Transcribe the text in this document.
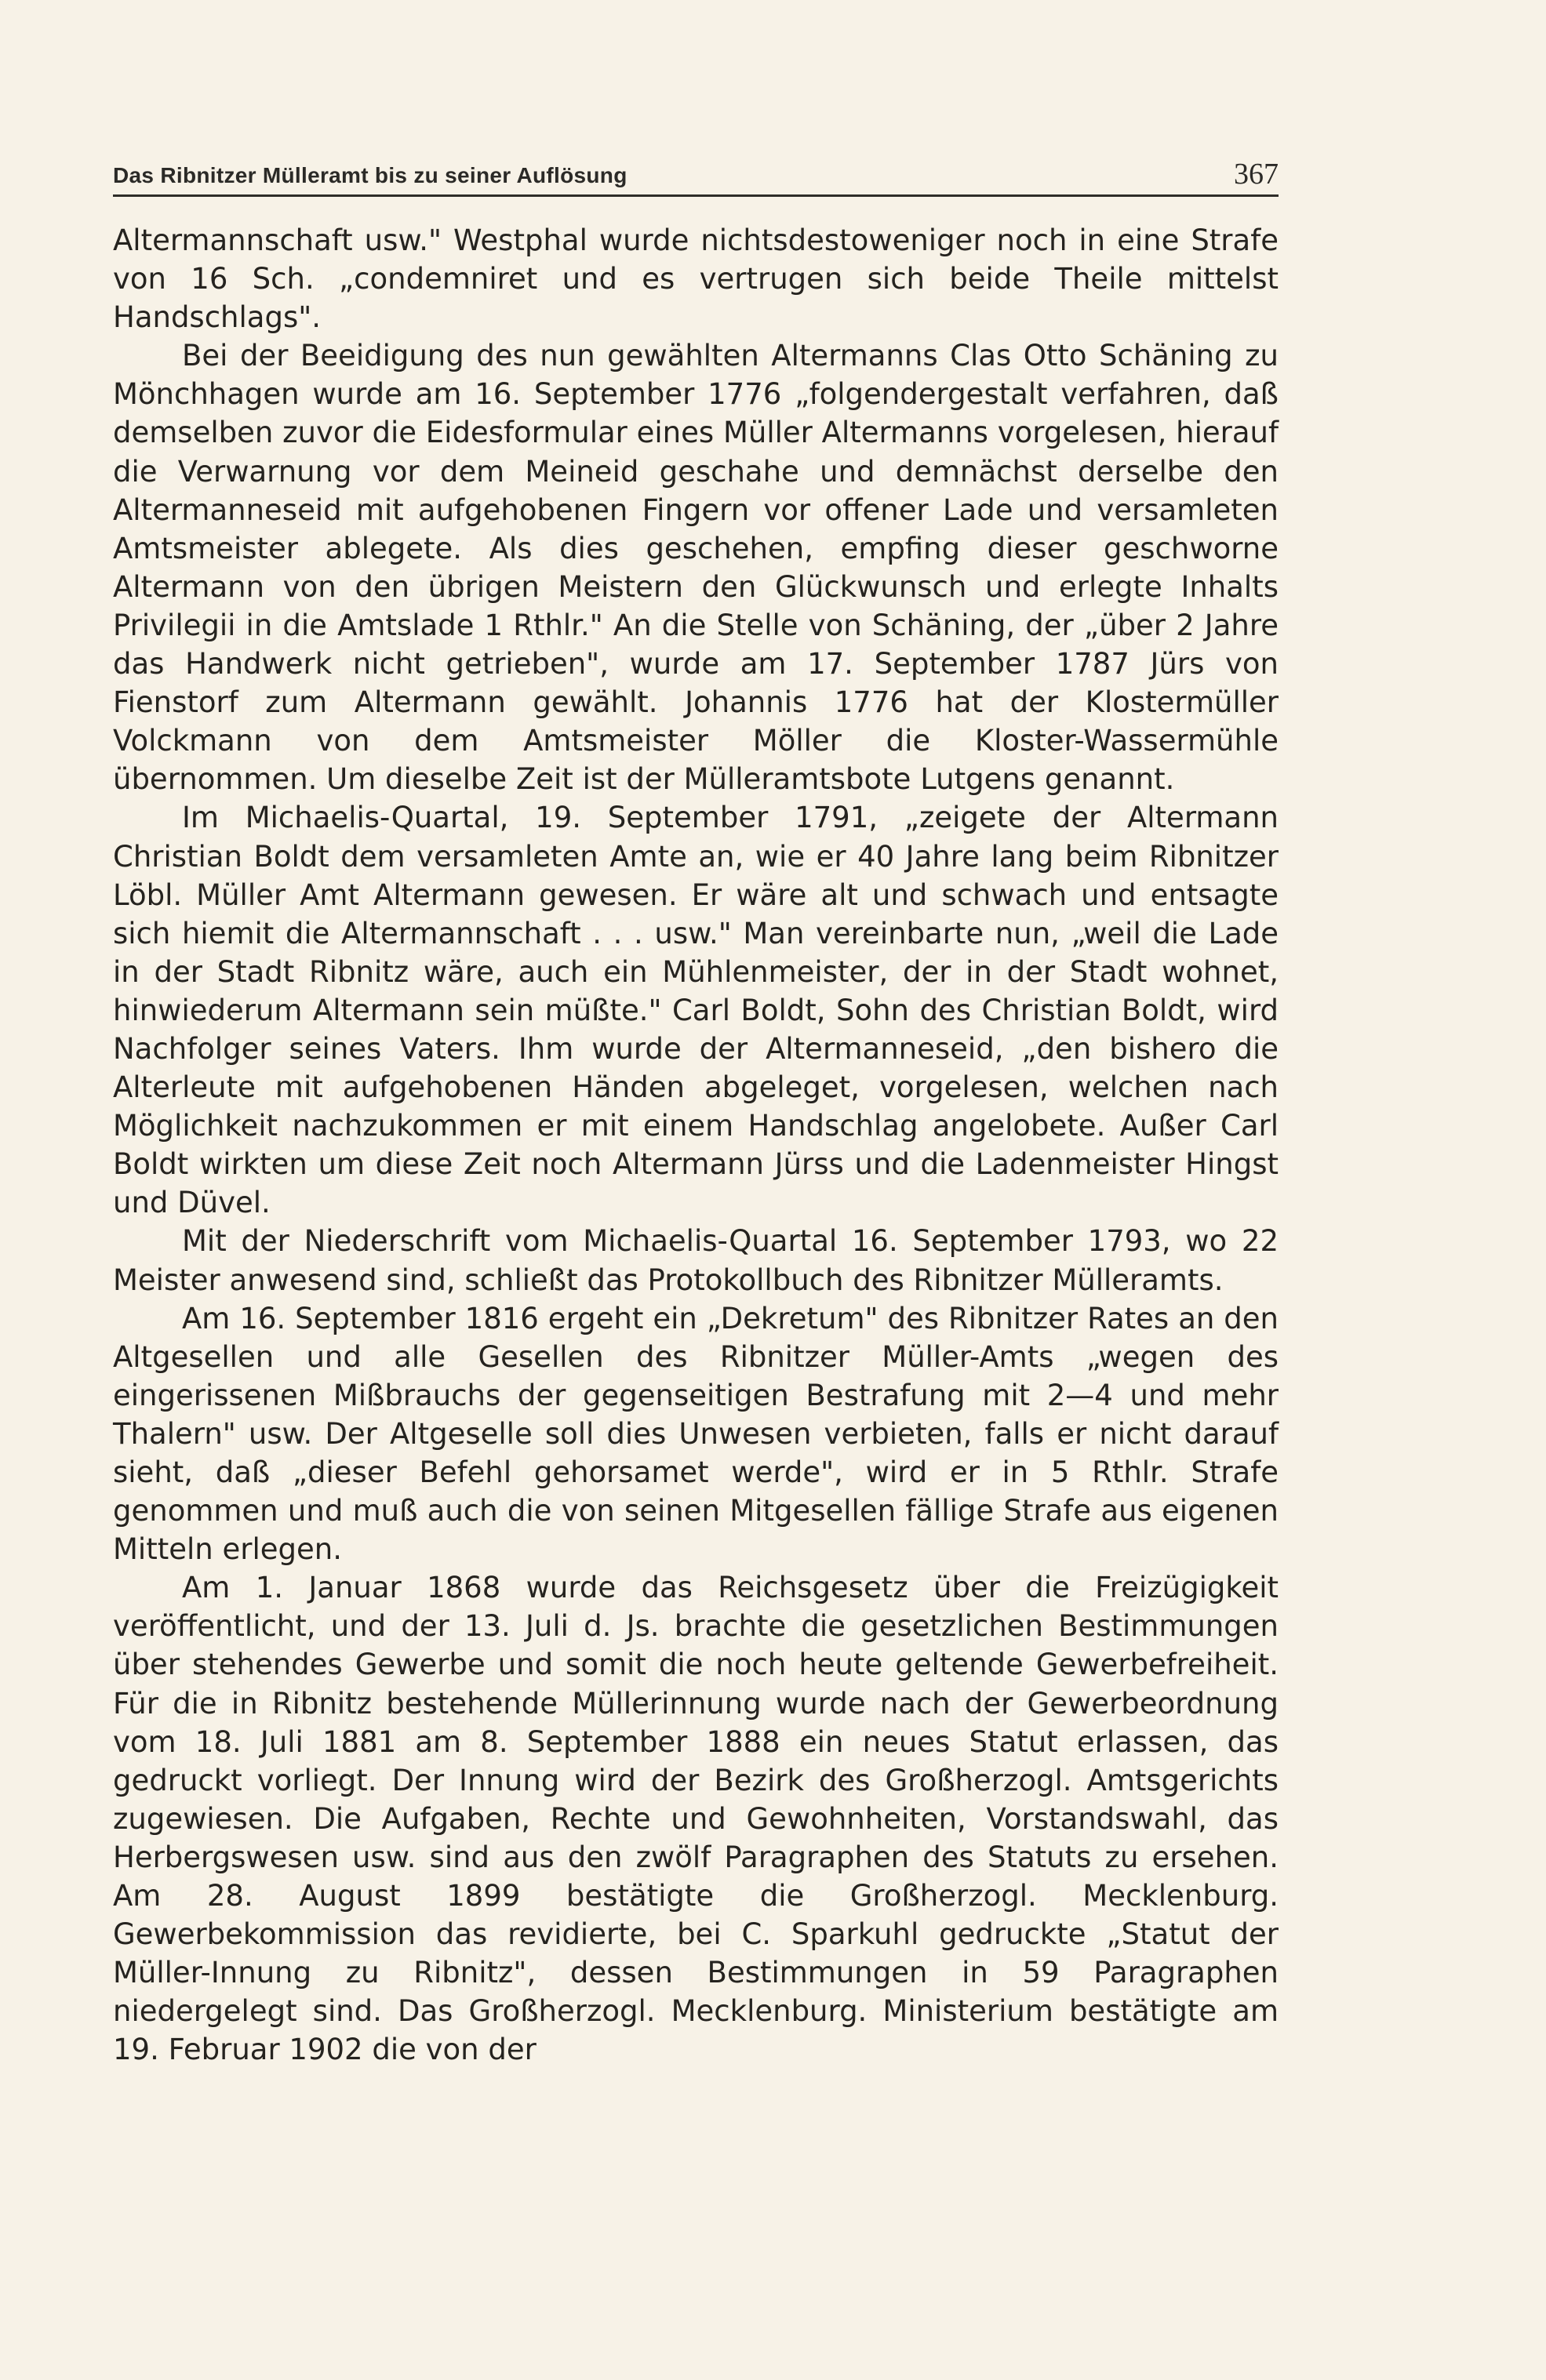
Das Ribnitzer Mülleramt bis zu seiner Auflösung	367

Altermannschaft usw." Westphal wurde nichtsdestoweniger noch in eine Strafe von 16 Sch. „condemniret und es vertrugen sich beide Theile mittelst Handschlags".

Bei der Beeidigung des nun gewählten Altermanns Clas Otto Schäning zu Mönchhagen wurde am 16. September 1776 „folgendergestalt verfahren, daß demselben zuvor die Eidesformular eines Müller Altermanns vorgelesen, hierauf die Verwarnung vor dem Meineid geschahe und demnächst derselbe den Altermanneseid mit aufgehobenen Fingern vor offener Lade und versamleten Amtsmeister ablegete. Als dies geschehen, empfing dieser geschworne Altermann von den übrigen Meistern den Glückwunsch und erlegte Inhalts Privilegii in die Amtslade 1 Rthlr." An die Stelle von Schäning, der „über 2 Jahre das Handwerk nicht getrieben", wurde am 17. September 1787 Jürs von Fienstorf zum Altermann gewählt. Johannis 1776 hat der Klostermüller Volckmann von dem Amtsmeister Möller die Kloster-Wassermühle übernommen. Um dieselbe Zeit ist der Mülleramtsbote Lutgens genannt.

Im Michaelis-Quartal, 19. September 1791, „zeigete der Altermann Christian Boldt dem versamleten Amte an, wie er 40 Jahre lang beim Ribnitzer Löbl. Müller Amt Altermann gewesen. Er wäre alt und schwach und entsagte sich hiemit die Altermannschaft . . . usw." Man vereinbarte nun, „weil die Lade in der Stadt Ribnitz wäre, auch ein Mühlenmeister, der in der Stadt wohnet, hinwiederum Altermann sein müßte." Carl Boldt, Sohn des Christian Boldt, wird Nachfolger seines Vaters. Ihm wurde der Altermanneseid, „den bishero die Alterleute mit aufgehobenen Händen abgeleget, vorgelesen, welchen nach Möglichkeit nachzukommen er mit einem Handschlag angelobete. Außer Carl Boldt wirkten um diese Zeit noch Altermann Jürss und die Ladenmeister Hingst und Düvel.

Mit der Niederschrift vom Michaelis-Quartal 16. September 1793, wo 22 Meister anwesend sind, schließt das Protokollbuch des Ribnitzer Mülleramts.

Am 16. September 1816 ergeht ein „Dekretum" des Ribnitzer Rates an den Altgesellen und alle Gesellen des Ribnitzer Müller-Amts „wegen des eingerissenen Mißbrauchs der gegenseitigen Bestrafung mit 2—4 und mehr Thalern" usw. Der Altgeselle soll dies Unwesen verbieten, falls er nicht darauf sieht, daß „dieser Befehl gehorsamet werde", wird er in 5 Rthlr. Strafe genommen und muß auch die von seinen Mitgesellen fällige Strafe aus eigenen Mitteln erlegen.

Am 1. Januar 1868 wurde das Reichsgesetz über die Freizügigkeit veröffentlicht, und der 13. Juli d. Js. brachte die gesetzlichen Bestimmungen über stehendes Gewerbe und somit die noch heute geltende Gewerbefreiheit. Für die in Ribnitz bestehende Müllerinnung wurde nach der Gewerbeordnung vom 18. Juli 1881 am 8. September 1888 ein neues Statut erlassen, das gedruckt vorliegt. Der Innung wird der Bezirk des Großherzogl. Amtsgerichts zugewiesen. Die Aufgaben, Rechte und Gewohnheiten, Vorstandswahl, das Herbergswesen usw. sind aus den zwölf Paragraphen des Statuts zu ersehen. Am 28. August 1899 bestätigte die Großherzogl. Mecklenburg. Gewerbekommission das revidierte, bei C. Sparkuhl gedruckte „Statut der Müller-Innung zu Ribnitz", dessen Bestimmungen in 59 Paragraphen niedergelegt sind. Das Großherzogl. Mecklenburg. Ministerium bestätigte am 19. Februar 1902 die von der
